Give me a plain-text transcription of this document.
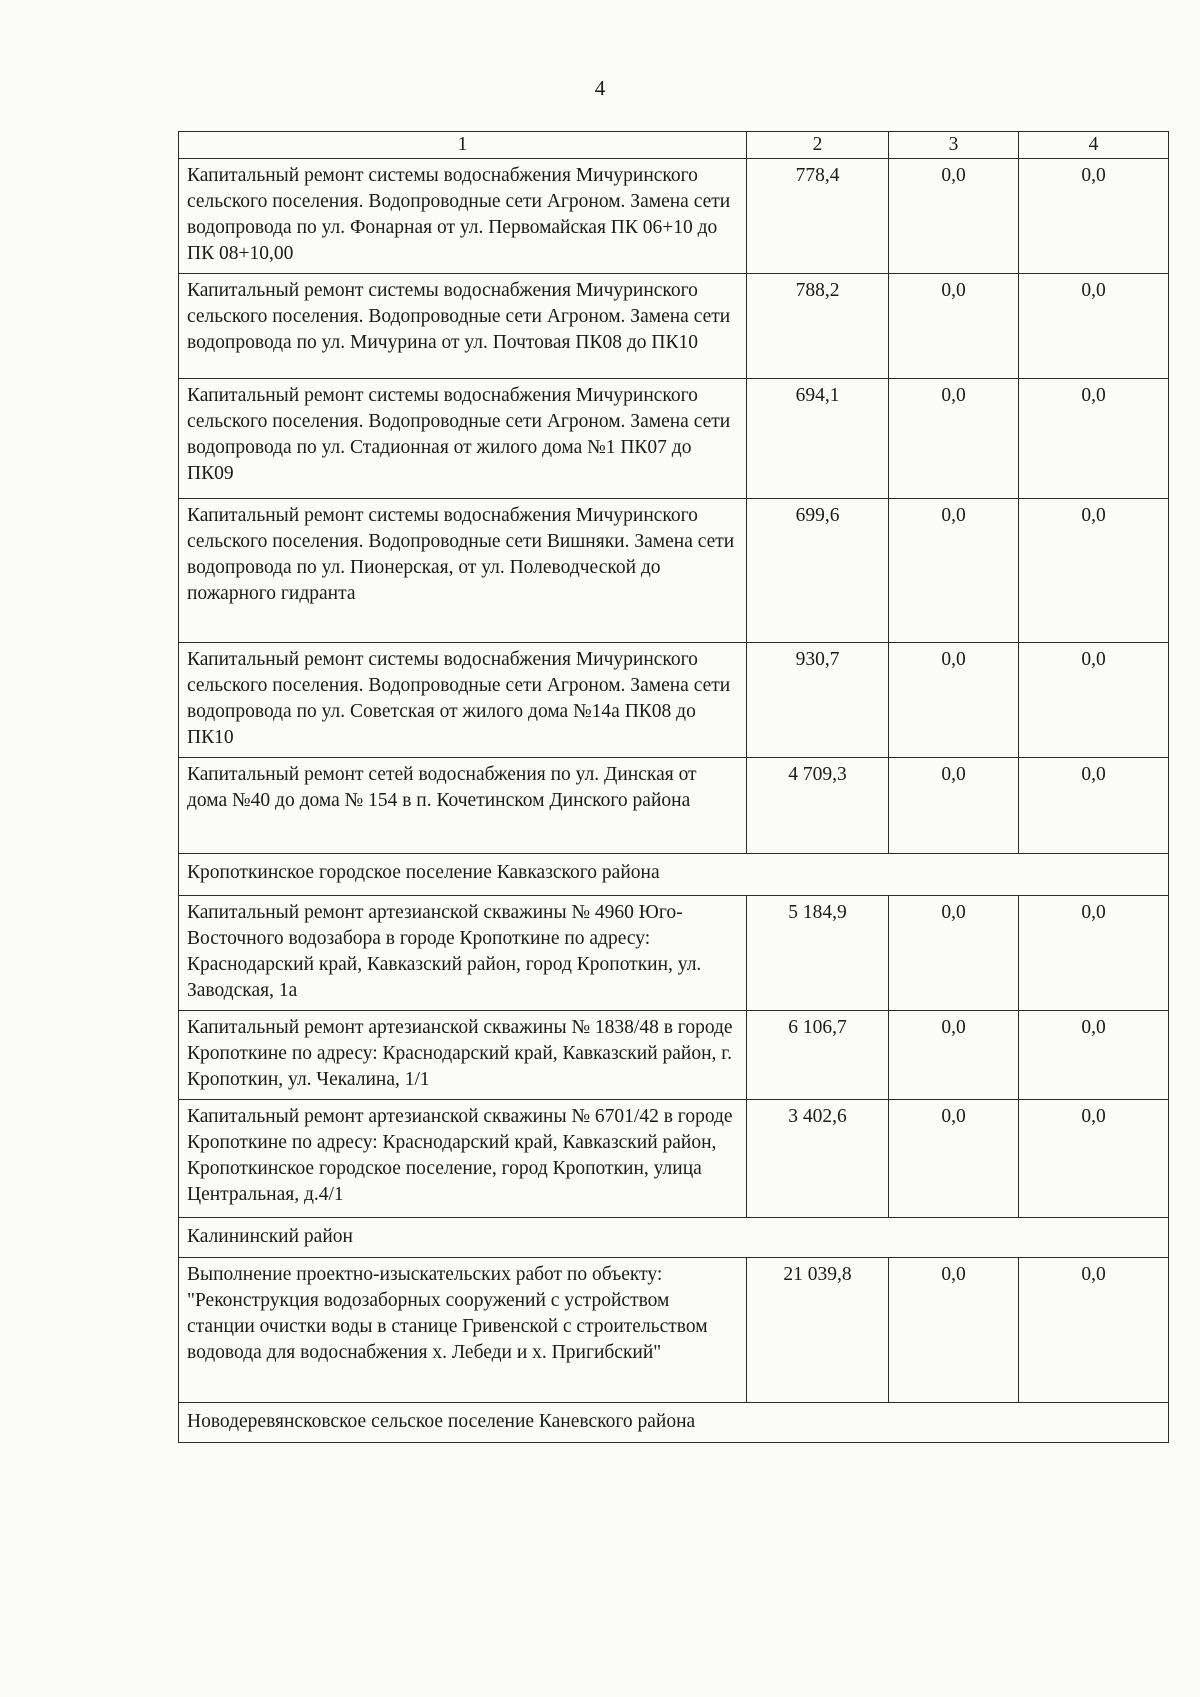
4
1	2	3	4
Капитальный ремонт системы водоснабжения Мичуринского сельского поселения. Водопроводные сети Агроном. Замена сети водопровода по ул. Фонарная от ул. Первомайская ПК 06+10 до ПК 08+10,00	778,4	0,0	0,0
Капитальный ремонт системы водоснабжения Мичуринского сельского поселения. Водопроводные сети Агроном. Замена сети водопровода по ул. Мичурина от ул. Почтовая ПК08 до ПК10	788,2	0,0	0,0
Капитальный ремонт системы водоснабжения Мичуринского сельского поселения. Водопроводные сети Агроном. Замена сети водопровода по ул. Стадионная от жилого дома №1 ПК07 до ПК09	694,1	0,0	0,0
Капитальный ремонт системы водоснабжения Мичуринского сельского поселения. Водопроводные сети Вишняки. Замена сети водопровода по ул. Пионерская, от ул. Полеводческой до пожарного гидранта	699,6	0,0	0,0
Капитальный ремонт системы водоснабжения Мичуринского сельского поселения. Водопроводные сети Агроном. Замена сети водопровода по ул. Советская от жилого дома №14а ПК08 до ПК10	930,7	0,0	0,0
Капитальный ремонт сетей водоснабжения по ул. Динская от дома №40 до дома № 154 в п. Кочетинском Динского района	4 709,3	0,0	0,0
Кропоткинское городское поселение Кавказского района			
Капитальный ремонт артезианской скважины № 4960 Юго-Восточного водозабора в городе Кропоткине по адресу: Краснодарский край, Кавказский район, город Кропоткин, ул. Заводская, 1а	5 184,9	0,0	0,0
Капитальный ремонт артезианской скважины № 1838/48 в городе Кропоткине по адресу: Краснодарский край, Кавказский район, г. Кропоткин, ул. Чекалина, 1/1	6 106,7	0,0	0,0
Капитальный ремонт артезианской скважины № 6701/42 в городе Кропоткине по адресу: Краснодарский край, Кавказский район, Кропоткинское городское поселение, город Кропоткин, улица Центральная, д.4/1	3 402,6	0,0	0,0
Калининский район			
Выполнение проектно-изыскательских работ по объекту: "Реконструкция водозаборных сооружений с устройством станции очистки воды в станице Гривенской с строительством водовода для водоснабжения х. Лебеди и х. Пригибский"	21 039,8	0,0	0,0
Новодеревянсковское сельское поселение Каневского района			
